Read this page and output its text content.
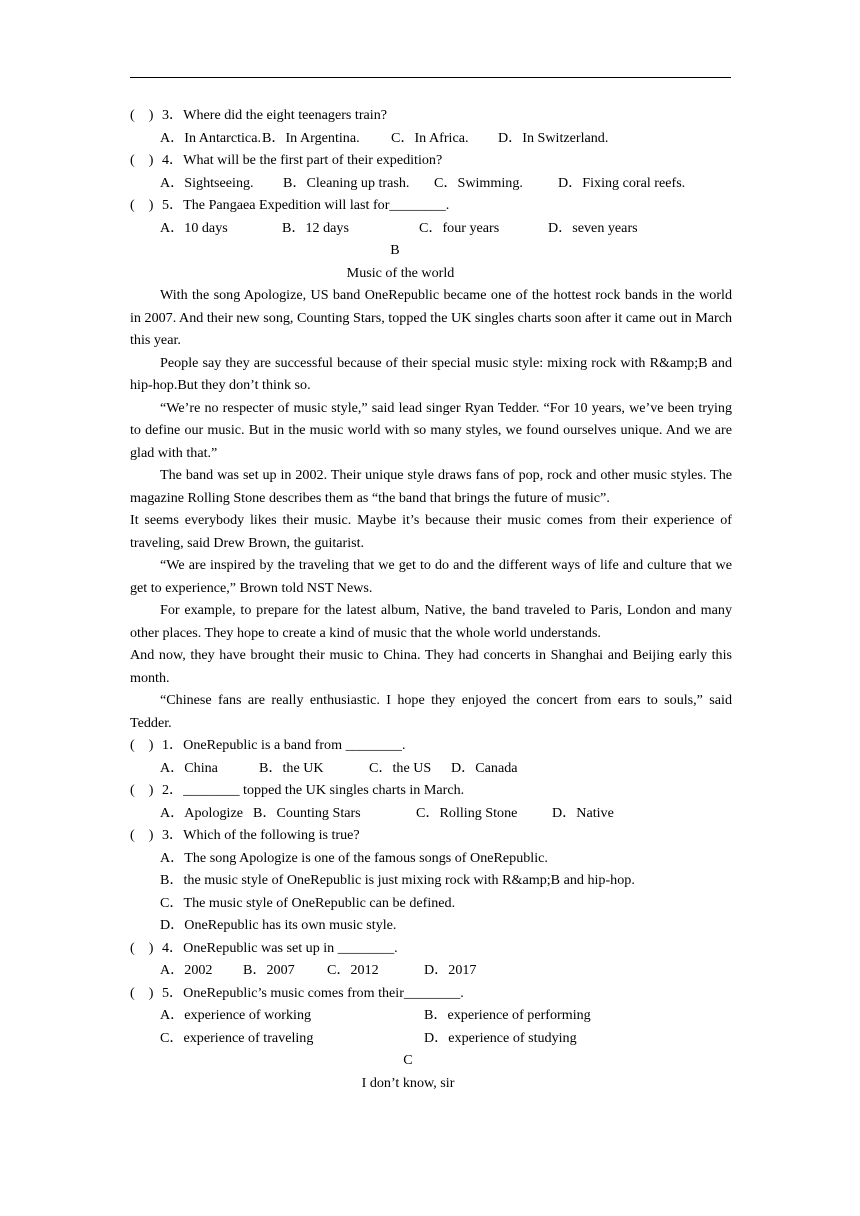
(　) 3．Where did the eight teenagers train?

A．In Antarctica.B．In Argentina. C．In Africa. D．In Switzerland.

(　) 4．What will be the first part of their expedition?

A．Sightseeing. B．Cleaning up trash. C．Swimming. D．Fixing coral reefs.

(　) 5．The Pangaea Expedition will last for________.

A．10 days	B．12 days	C．four years	D．seven years

B

Music of the world

With the song Apologize, US band OneRepublic became one of the hottest rock bands in the world in 2007. And their new song, Counting Stars, topped the UK singles charts soon after it came out in March this year.

People say they are successful because of their special music style: mixing rock with R&amp;B and hip-hop.But they don’t think so.

“We’re no respecter of music style,” said lead singer Ryan Tedder. “For 10 years, we’ve been trying to define our music. But in the music world with so many styles, we found ourselves unique. And we are glad with that.”

The band was set up in 2002. Their unique style draws fans of pop, rock and other music styles. The magazine Rolling Stone describes them as “the band that brings the future of music”.

It seems everybody likes their music. Maybe it’s because their music comes from their experience of traveling, said Drew Brown, the guitarist.

“We are inspired by the traveling that we get to do and the different ways of life and culture that we get to experience,” Brown told NST News.

For example, to prepare for the latest album, Native, the band traveled to Paris, London and many other places. They hope to create a kind of music that the whole world understands.

And now, they have brought their music to China. They had concerts in Shanghai and Beijing early this month.

“Chinese fans are really enthusiastic. I hope they enjoyed the concert from ears to souls,” said Tedder.

(　) 1．OneRepublic is a band from ________.

A．China	B．the UK	C．the US D．Canada

(　) 2．________ topped the UK singles charts in March.

A．Apologize B．Counting Stars	C．Rolling Stone D．Native

(　) 3．Which of the following is true?

A．The song Apologize is one of the famous songs of OneRepublic.

B．the music style of OneRepublic is just mixing rock with R&amp;B and hip-hop.

C．The music style of OneRepublic can be defined.

D．OneRepublic has its own music style.

(　) 4．OneRepublic was set up in ________.

A．2002 B．2007 C．2012	D．2017

(　) 5．OneRepublic’s music comes from their________.

A．experience of working	B．experience of performing

C．experience of traveling	D．experience of studying

C

I don’t know, sir
